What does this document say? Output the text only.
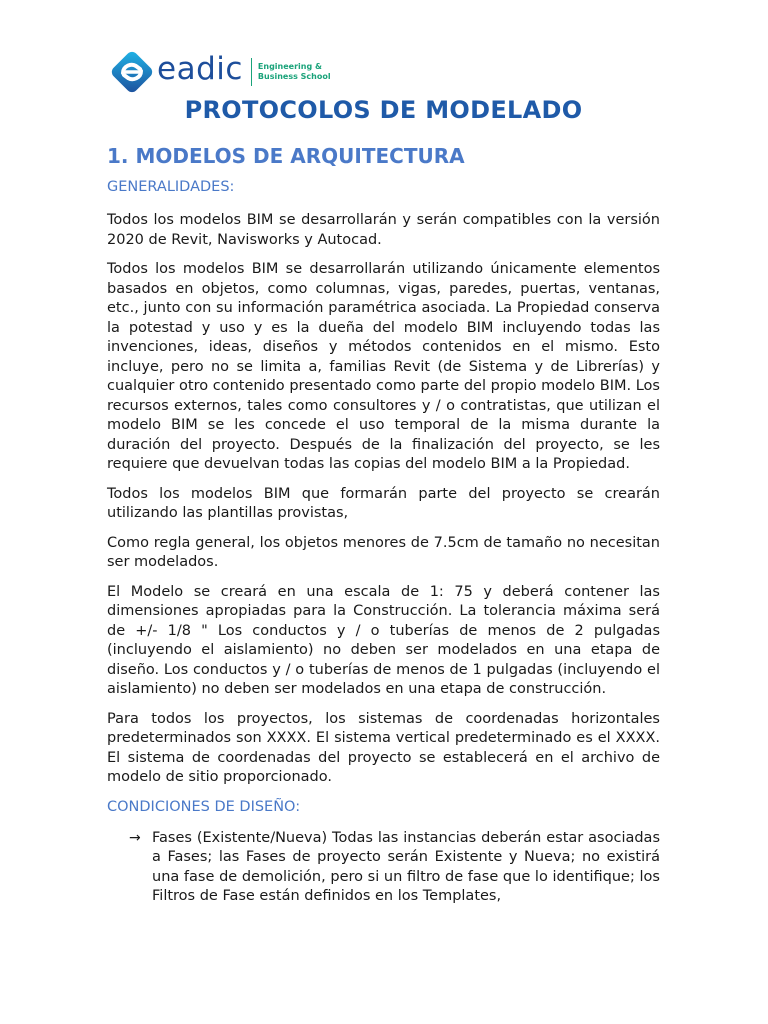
eadic Engineering &
Business School
PROTOCOLOS DE MODELADO
1. MODELOS DE ARQUITECTURA
GENERALIDADES:

Todos los modelos BIM se desarrollarán y serán compatibles con la versión 2020 de Revit, Navisworks y Autocad.

Todos los modelos BIM se desarrollarán utilizando únicamente elementos basados en objetos, como columnas, vigas, paredes, puertas, ventanas, etc., junto con su información paramétrica asociada. La Propiedad conserva la potestad y uso y es la dueña del modelo BIM incluyendo todas las invenciones, ideas, diseños y métodos contenidos en el mismo. Esto incluye, pero no se limita a, familias Revit (de Sistema y de Librerías) y cualquier otro contenido presentado como parte del propio modelo BIM. Los recursos externos, tales como consultores y / o contratistas, que utilizan el modelo BIM se les concede el uso temporal de la misma durante la duración del proyecto. Después de la finalización del proyecto, se les requiere que devuelvan todas las copias del modelo BIM a la Propiedad.

Todos los modelos BIM que formarán parte del proyecto se crearán utilizando las plantillas provistas,

Como regla general, los objetos menores de 7.5cm de tamaño no necesitan ser modelados.

El Modelo se creará en una escala de 1: 75 y deberá contener las dimensiones apropiadas para la Construcción. La tolerancia máxima será de +/- 1/8 " Los conductos y / o tuberías de menos de 2 pulgadas (incluyendo el aislamiento) no deben ser modelados en una etapa de diseño. Los conductos y / o tuberías de menos de 1 pulgadas (incluyendo el aislamiento) no deben ser modelados en una etapa de construcción.

Para todos los proyectos, los sistemas de coordenadas horizontales predeterminados son XXXX. El sistema vertical predeterminado es el XXXX. El sistema de coordenadas del proyecto se establecerá en el archivo de modelo de sitio proporcionado.

CONDICIONES DE DISEÑO:
→ Fases (Existente/Nueva) Todas las instancias deberán estar asociadas a Fases; las Fases de proyecto serán Existente y Nueva; no existirá una fase de demolición, pero si un filtro de fase que lo identifique; los Filtros de Fase están definidos en los Templates,
